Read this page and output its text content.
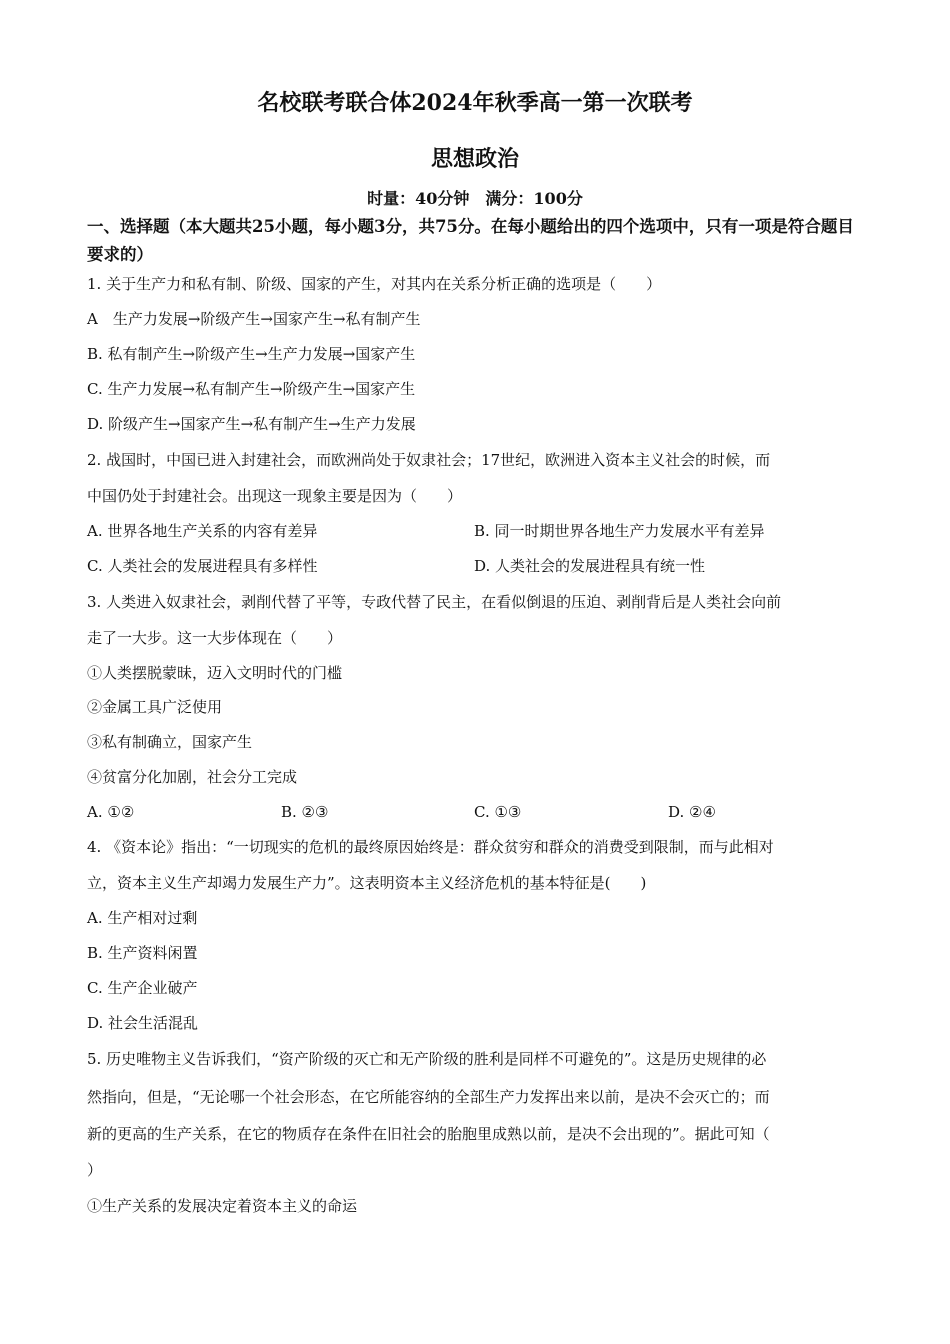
名校联考联合体2024年秋季高一第一次联考
思想政治
时量：40分钟　满分：100分
一、选择题（本大题共25小题，每小题3分，共75分。在每小题给出的四个选项中，只有一项是符合题目要求的）
1. 关于生产力和私有制、阶级、国家的产生，对其内在关系分析正确的选项是（　　）
A　生产力发展→阶级产生→国家产生→私有制产生
B. 私有制产生→阶级产生→生产力发展→国家产生
C. 生产力发展→私有制产生→阶级产生→国家产生
D. 阶级产生→国家产生→私有制产生→生产力发展
2. 战国时，中国已进入封建社会，而欧洲尚处于奴隶社会；17世纪，欧洲进入资本主义社会的时候，而
中国仍处于封建社会。出现这一现象主要是因为（　　）
A. 世界各地生产关系的内容有差异	B. 同一时期世界各地生产力发展水平有差异
C. 人类社会的发展进程具有多样性	D. 人类社会的发展进程具有统一性
3. 人类进入奴隶社会，剥削代替了平等，专政代替了民主，在看似倒退的压迫、剥削背后是人类社会向前
走了一大步。这一大步体现在（　　）
①人类摆脱蒙昧，迈入文明时代的门槛
②金属工具广泛使用
③私有制确立，国家产生
④贫富分化加剧，社会分工完成
A. ①②	B. ②③	C. ①③	D. ②④
4. 《资本论》指出：“一切现实的危机的最终原因始终是：群众贫穷和群众的消费受到限制，而与此相对
立，资本主义生产却竭力发展生产力”。这表明资本主义经济危机的基本特征是(　　)
A. 生产相对过剩
B. 生产资料闲置
C. 生产企业破产
D. 社会生活混乱
5. 历史唯物主义告诉我们，“资产阶级的灭亡和无产阶级的胜利是同样不可避免的”。这是历史规律的必
然指向，但是，“无论哪一个社会形态，在它所能容纳的全部生产力发挥出来以前，是决不会灭亡的；而
新的更高的生产关系，在它的物质存在条件在旧社会的胎胞里成熟以前，是决不会出现的”。据此可知（
）
①生产关系的发展决定着资本主义的命运
